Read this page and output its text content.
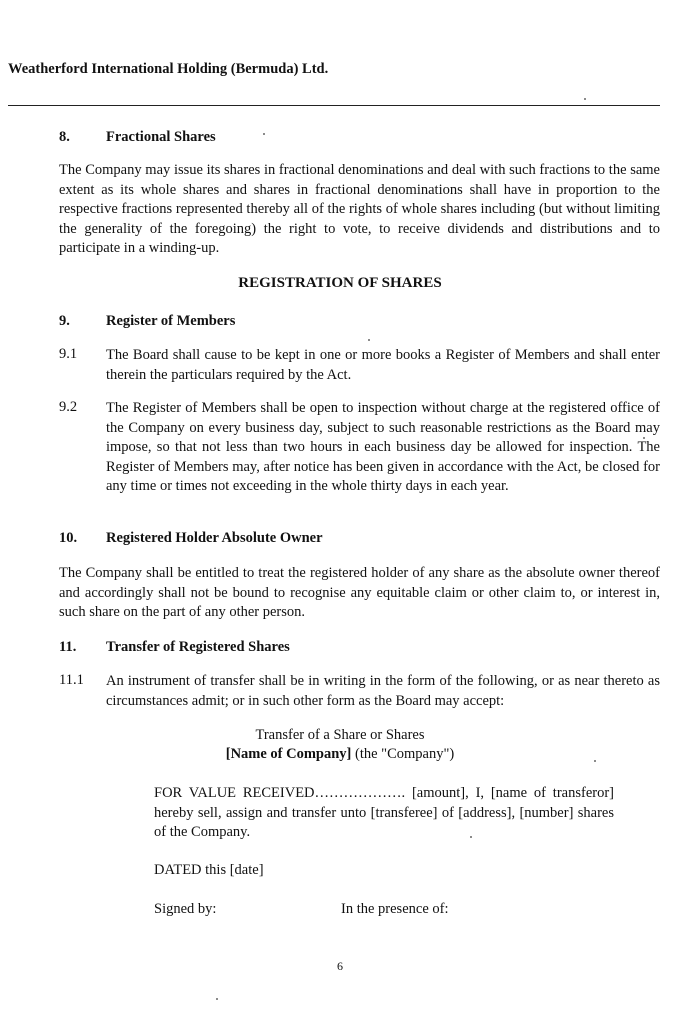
Weatherford International Holding (Bermuda) Ltd.
8. Fractional Shares
The Company may issue its shares in fractional denominations and deal with such fractions to the same extent as its whole shares and shares in fractional denominations shall have in proportion to the respective fractions represented thereby all of the rights of whole shares including (but without limiting the generality of the foregoing) the right to vote, to receive dividends and distributions and to participate in a winding-up.
REGISTRATION OF SHARES
9. Register of Members
9.1 The Board shall cause to be kept in one or more books a Register of Members and shall enter therein the particulars required by the Act.
9.2 The Register of Members shall be open to inspection without charge at the registered office of the Company on every business day, subject to such reasonable restrictions as the Board may impose, so that not less than two hours in each business day be allowed for inspection. The Register of Members may, after notice has been given in accordance with the Act, be closed for any time or times not exceeding in the whole thirty days in each year.
10. Registered Holder Absolute Owner
The Company shall be entitled to treat the registered holder of any share as the absolute owner thereof and accordingly shall not be bound to recognise any equitable claim or other claim to, or interest in, such share on the part of any other person.
11. Transfer of Registered Shares
11.1 An instrument of transfer shall be in writing in the form of the following, or as near thereto as circumstances admit; or in such other form as the Board may accept:
Transfer of a Share or Shares
[Name of Company] (the "Company")
FOR VALUE RECEIVED………………. [amount], I, [name of transferor] hereby sell, assign and transfer unto [transferee] of [address], [number] shares of the Company.
DATED this [date]
Signed by:	In the presence of:
6
